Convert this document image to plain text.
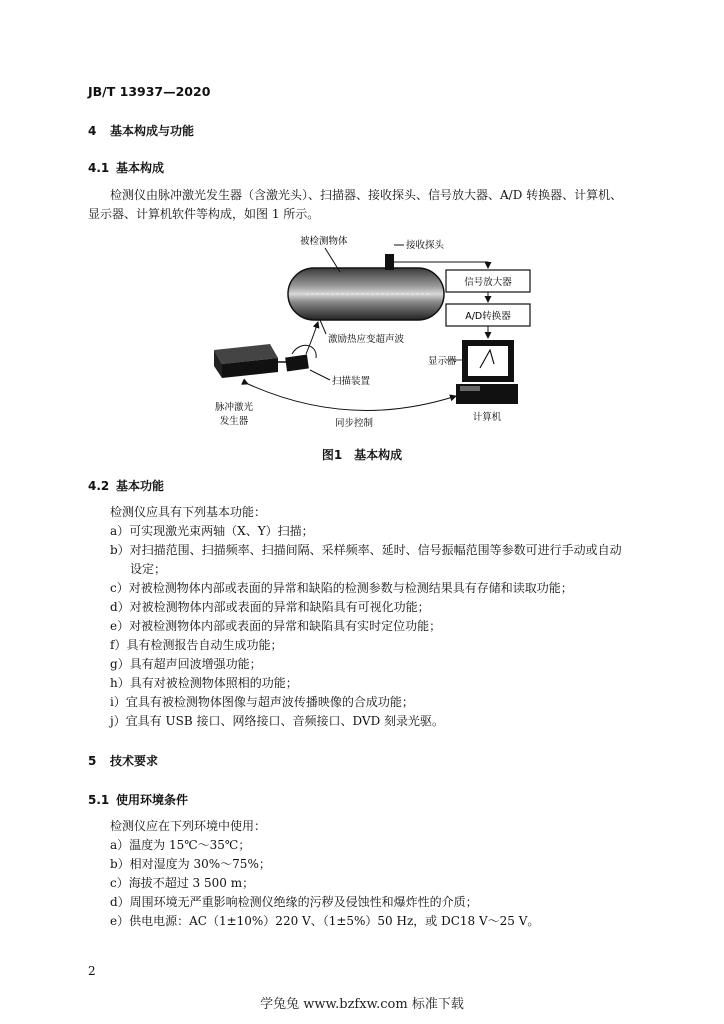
JB/T 13937—2020
4 基本构成与功能
4.1 基本构成
检测仪由脉冲激光发生器（含激光头）、扫描器、接收探头、信号放大器、A/D 转换器、计算机、
显示器、计算机软件等构成，如图 1 所示。
被检测物体	接收探头
信号放大器
A/D转换器
激励热应变超声波
显示器
扫描装置
脉冲激光
发生器	同步控制
计算机
图1　基本构成
4.2 基本功能
检测仪应具有下列基本功能：
a）可实现激光束两轴（X、Y）扫描；
b）对扫描范围、扫描频率、扫描间隔、采样频率、延时、信号振幅范围等参数可进行手动或自动
设定；
c）对被检测物体内部或表面的异常和缺陷的检测参数与检测结果具有存储和读取功能；
d）对被检测物体内部或表面的异常和缺陷具有可视化功能；
e）对被检测物体内部或表面的异常和缺陷具有实时定位功能；
f）具有检测报告自动生成功能；
g）具有超声回波增强功能；
h）具有对被检测物体照相的功能；
i）宜具有被检测物体图像与超声波传播映像的合成功能；
j）宜具有 USB 接口、网络接口、音频接口、DVD 刻录光驱。
5 技术要求
5.1 使用环境条件
检测仪应在下列环境中使用：
a）温度为 15℃～35℃；
b）相对湿度为 30%～75%；
c）海拔不超过 3 500 m；
d）周围环境无严重影响检测仪绝缘的污秽及侵蚀性和爆炸性的介质；
e）供电电源：AC（1±10%）220 V、（1±5%）50 Hz，或 DC18 V～25 V。
2
学兔兔 www.bzfxw.com 标准下载
